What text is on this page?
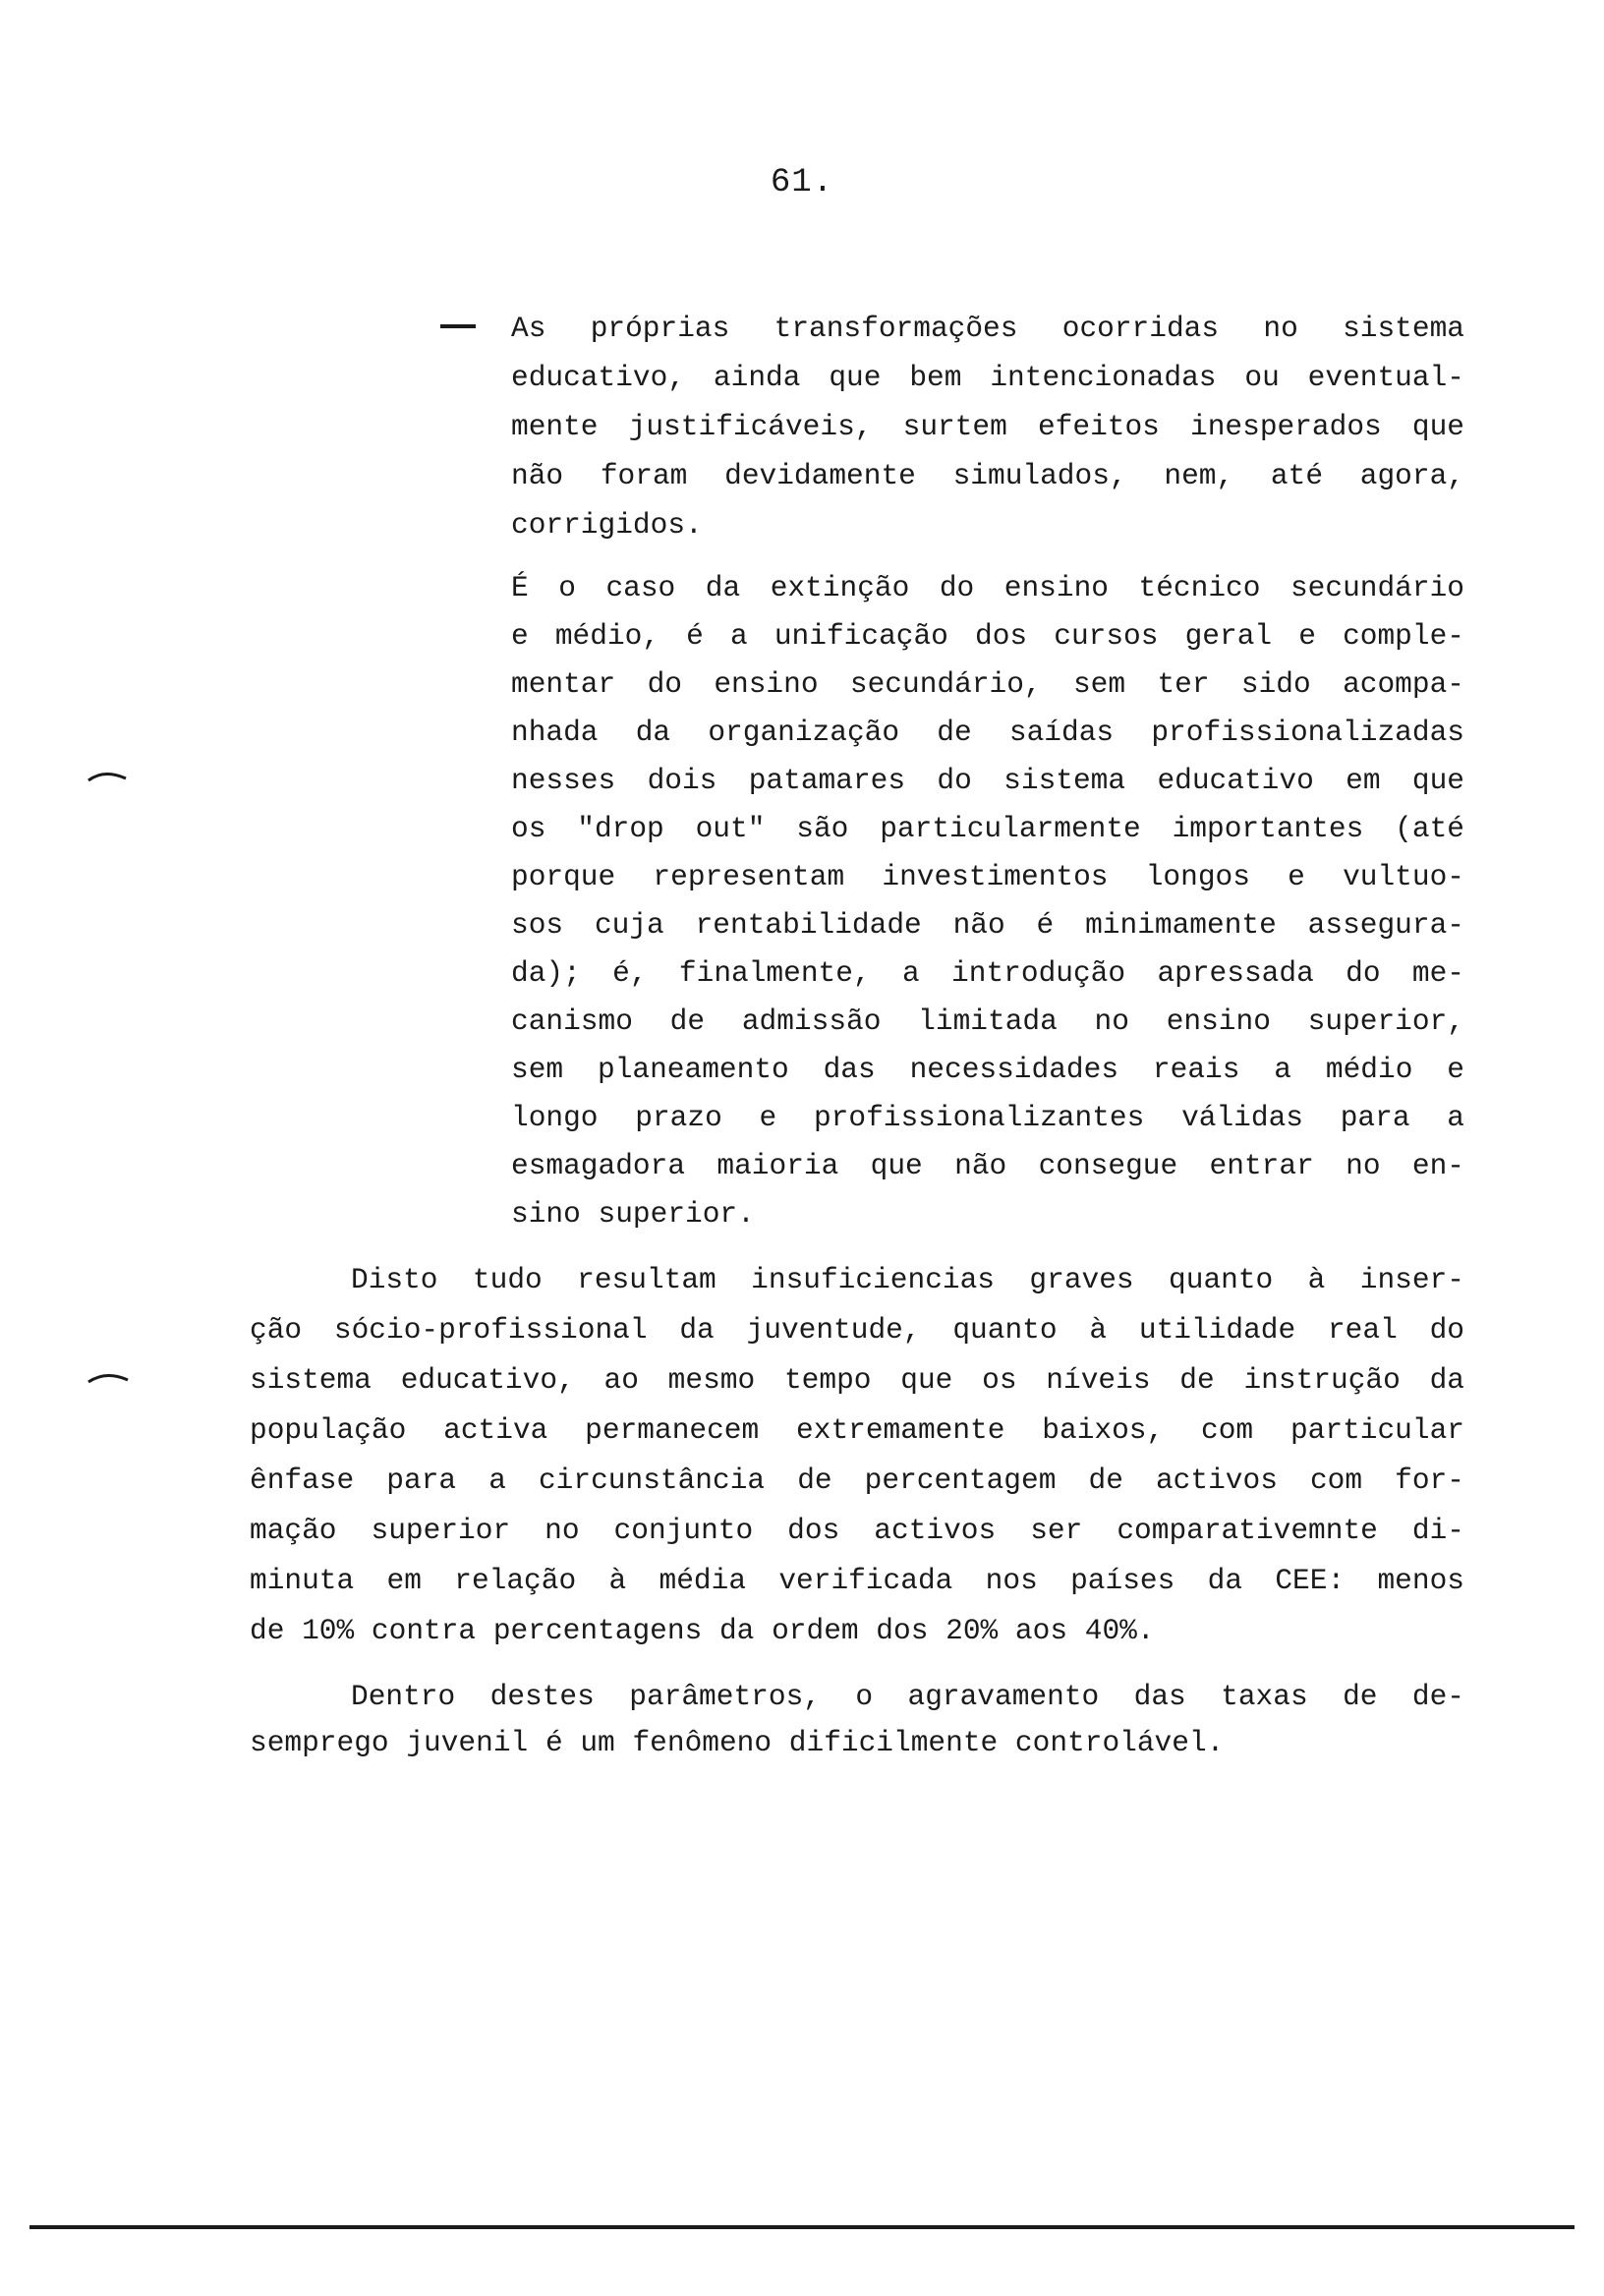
61.
As próprias transformações ocorridas no sistema
educativo, ainda que bem intencionadas ou eventual-
mente justificáveis, surtem efeitos inesperados que
não foram devidamente simulados, nem, até agora,
corrigidos.
É o caso da extinção do ensino técnico secundário
e médio, é a unificação dos cursos geral e comple-
mentar do ensino secundário, sem ter sido acompa-
nhada da organização de saídas profissionalizadas
nesses dois patamares do sistema educativo em que
os "drop out" são particularmente importantes (até
porque representam investimentos longos e vultuo-
sos cuja rentabilidade não é minimamente assegura-
da); é, finalmente, a introdução apressada do me-
canismo de admissão limitada no ensino superior,
sem planeamento das necessidades reais a médio e
longo prazo e profissionalizantes válidas para a
esmagadora maioria que não consegue entrar no en-
sino superior.
Disto tudo resultam insuficiencias graves quanto à inser-
ção sócio-profissional da juventude, quanto à utilidade real do
sistema educativo, ao mesmo tempo que os níveis de instrução da
população activa permanecem extremamente baixos, com particular
ênfase para a circunstância de percentagem de activos com for-
mação superior no conjunto dos activos ser comparativemnte di-
minuta em relação à média verificada nos países da CEE: menos
de 10% contra percentagens da ordem dos 20% aos 40%.
Dentro destes parâmetros, o agravamento das taxas de de-
semprego juvenil é um fenômeno dificilmente controlável.
